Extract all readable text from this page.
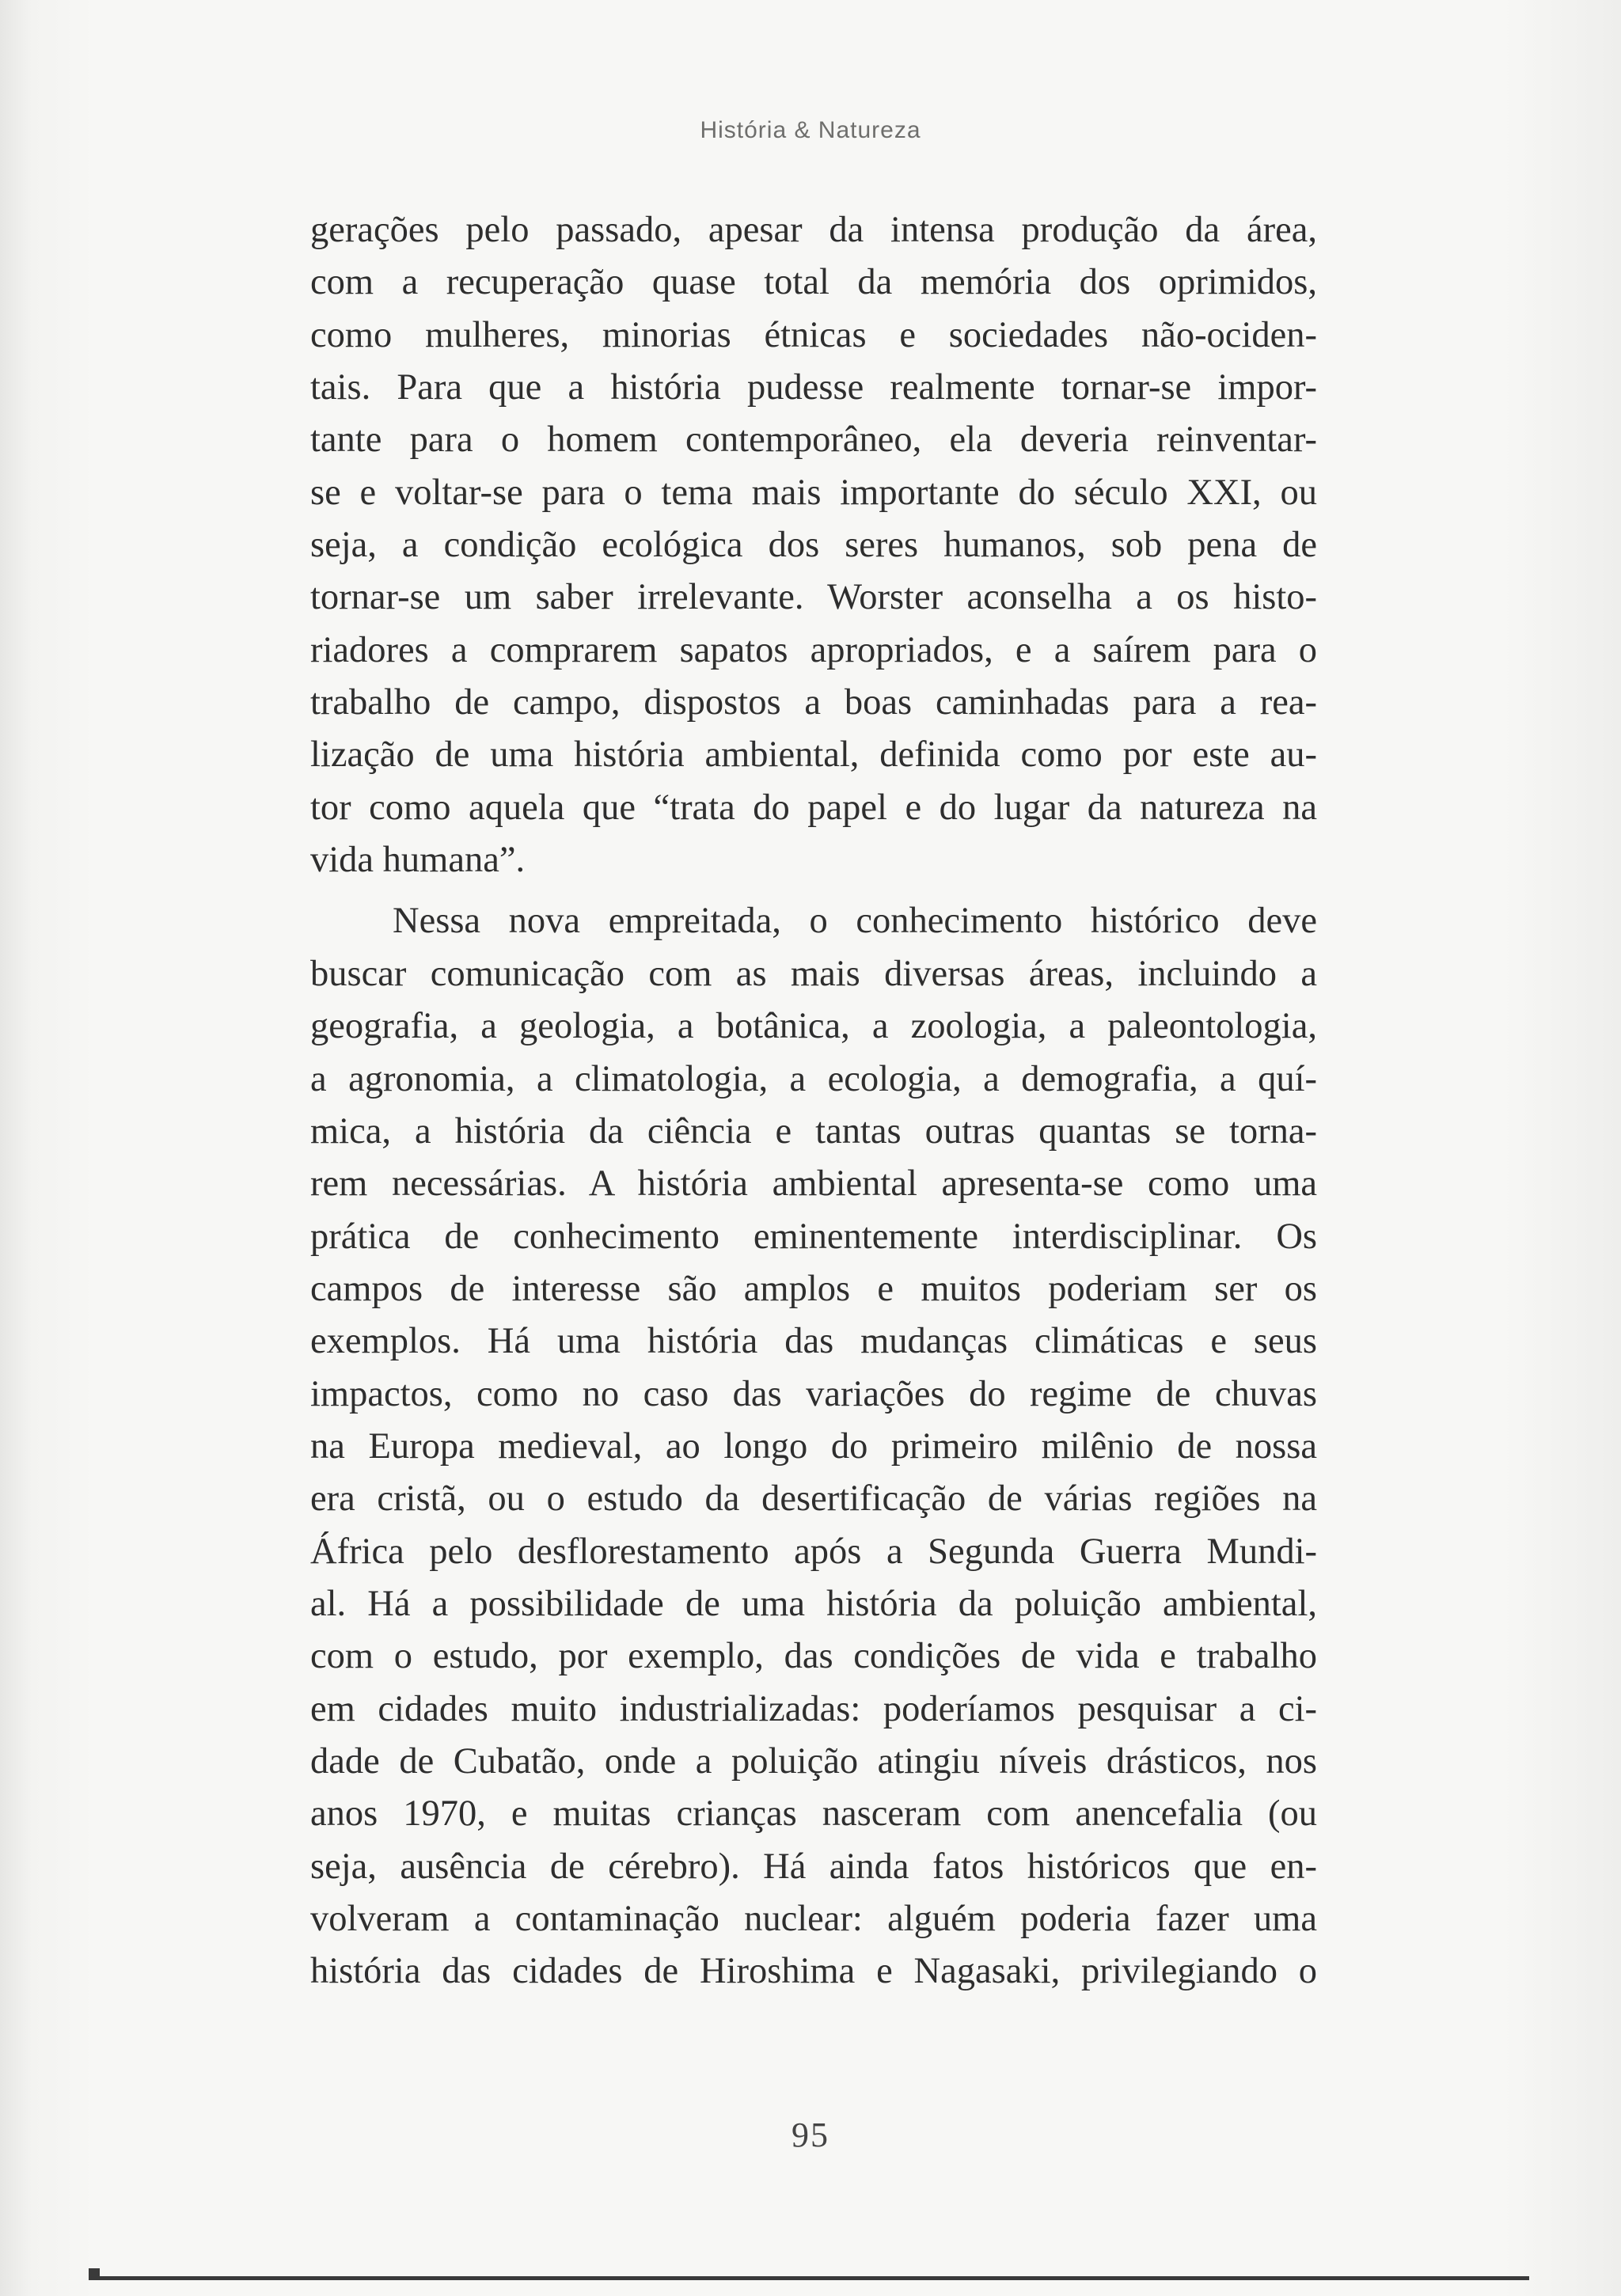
História & Natureza
gerações pelo passado, apesar da intensa produção da área,
com a recuperação quase total da memória dos oprimidos,
como mulheres, minorias étnicas e sociedades não-ociden-
tais. Para que a história pudesse realmente tornar-se impor-
tante para o homem contemporâneo, ela deveria reinventar-
se e voltar-se para o tema mais importante do século XXI, ou
seja, a condição ecológica dos seres humanos, sob pena de
tornar-se um saber irrelevante. Worster aconselha a os histo-
riadores a comprarem sapatos apropriados, e a saírem para o
trabalho de campo, dispostos a boas caminhadas para a rea-
lização de uma história ambiental, definida como por este au-
tor como aquela que “trata do papel e do lugar da natureza na
vida humana”.
Nessa nova empreitada, o conhecimento histórico deve
buscar comunicação com as mais diversas áreas, incluindo a
geografia, a geologia, a botânica, a zoologia, a paleontologia,
a agronomia, a climatologia, a ecologia, a demografia, a quí-
mica, a história da ciência e tantas outras quantas se torna-
rem necessárias. A história ambiental apresenta-se como uma
prática de conhecimento eminentemente interdisciplinar. Os
campos de interesse são amplos e muitos poderiam ser os
exemplos. Há uma história das mudanças climáticas e seus
impactos, como no caso das variações do regime de chuvas
na Europa medieval, ao longo do primeiro milênio de nossa
era cristã, ou o estudo da desertificação de várias regiões na
África pelo desflorestamento após a Segunda Guerra Mundi-
al. Há a possibilidade de uma história da poluição ambiental,
com o estudo, por exemplo, das condições de vida e trabalho
em cidades muito industrializadas: poderíamos pesquisar a ci-
dade de Cubatão, onde a poluição atingiu níveis drásticos, nos
anos 1970, e muitas crianças nasceram com anencefalia (ou
seja, ausência de cérebro). Há ainda fatos históricos que en-
volveram a contaminação nuclear: alguém poderia fazer uma
história das cidades de Hiroshima e Nagasaki, privilegiando o
95
